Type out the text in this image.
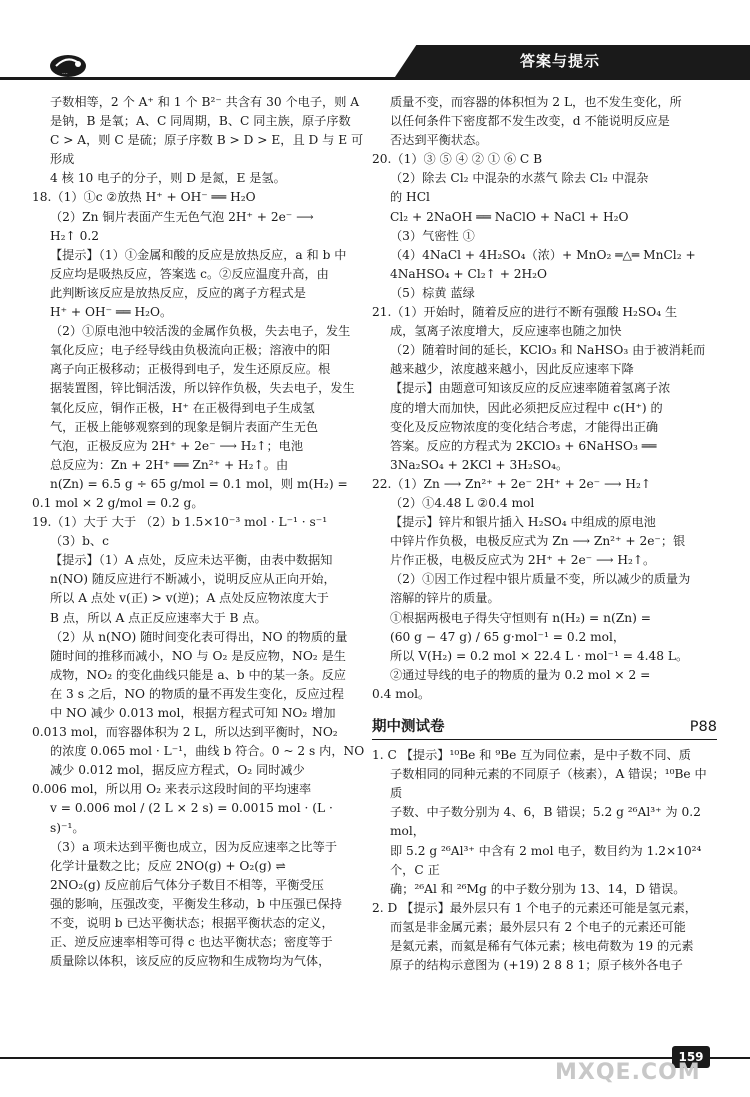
...
答案与提示

子数相等，2 个 A⁺ 和 1 个 B²⁻ 共含有 30 个电子，则 A

是钠，B 是氧；A、C 同周期，B、C 同主族，原子序数

C > A，则 C 是硫；原子序数 B > D > E，且 D 与 E 可形成

4 核 10 电子的分子，则 D 是氮，E 是氢。

18.（1）①c ②放热 H⁺ + OH⁻ ══ H₂O

（2）Zn 铜片表面产生无色气泡 2H⁺ + 2e⁻ ⟶

H₂↑ 0.2

【提示】（1）①金属和酸的反应是放热反应，a 和 b 中

反应均是吸热反应，答案选 c。②反应温度升高，由

此判断该反应是放热反应，反应的离子方程式是

H⁺ + OH⁻ ══ H₂O。

（2）①原电池中较活泼的金属作负极，失去电子，发生

氧化反应；电子经导线由负极流向正极；溶液中的阳

离子向正极移动；正极得到电子，发生还原反应。根

据装置图，锌比铜活泼，所以锌作负极，失去电子，发生

氧化反应，铜作正极，H⁺ 在正极得到电子生成氢

气，正极上能够观察到的现象是铜片表面产生无色

气泡，正极反应为 2H⁺ + 2e⁻ ⟶ H₂↑；电池

总反应为：Zn + 2H⁺ ══ Zn²⁺ + H₂↑。由

n(Zn) = 6.5 g ÷ 65 g/mol = 0.1 mol，则 m(H₂) =

0.1 mol × 2 g/mol = 0.2 g。

19.（1）大于 大于 （2）b 1.5×10⁻³ mol · L⁻¹ · s⁻¹

（3）b、c

【提示】（1）A 点处，反应未达平衡，由表中数据知

n(NO) 随反应进行不断减小，说明反应从正向开始，

所以 A 点处 v(正) > v(逆)；A 点处反应物浓度大于

B 点，所以 A 点正反应速率大于 B 点。

（2）从 n(NO) 随时间变化表可得出，NO 的物质的量

随时间的推移而减小，NO 与 O₂ 是反应物，NO₂ 是生

成物，NO₂ 的变化曲线只能是 a、b 中的某一条。反应

在 3 s 之后，NO 的物质的量不再发生变化，反应过程

中 NO 减少 0.013 mol，根据方程式可知 NO₂ 增加

0.013 mol，而容器体积为 2 L，所以达到平衡时，NO₂

的浓度 0.065 mol · L⁻¹，曲线 b 符合。0 ~ 2 s 内，NO

减少 0.012 mol，据反应方程式，O₂ 同时减少

0.006 mol，所以用 O₂ 来表示这段时间的平均速率

v = 0.006 mol / (2 L × 2 s) = 0.0015 mol · (L · s)⁻¹。

（3）a 项未达到平衡也成立，因为反应速率之比等于

化学计量数之比；反应 2NO(g) + O₂(g) ⇌

2NO₂(g) 反应前后气体分子数目不相等，平衡受压

强的影响，压强改变，平衡发生移动，b 中压强已保持

不变，说明 b 已达平衡状态；根据平衡状态的定义，

正、逆反应速率相等可得 c 也达平衡状态；密度等于

质量除以体积，该反应的反应物和生成物均为气体，

质量不变，而容器的体积恒为 2 L，也不发生变化，所

以任何条件下密度都不发生改变，d 不能说明反应是

否达到平衡状态。

20.（1）③ ⑤ ④ ② ① ⑥ C B

（2）除去 Cl₂ 中混杂的水蒸气 除去 Cl₂ 中混杂

的 HCl

Cl₂ + 2NaOH ══ NaClO + NaCl + H₂O

（3）气密性 ①

（4）4NaCl + 4H₂SO₄（浓）+ MnO₂ ═△═ MnCl₂ +

4NaHSO₄ + Cl₂↑ + 2H₂O

（5）棕黄 蓝绿

21.（1）开始时，随着反应的进行不断有强酸 H₂SO₄ 生

成，氢离子浓度增大，反应速率也随之加快

（2）随着时间的延长，KClO₃ 和 NaHSO₃ 由于被消耗而

越来越少，浓度越来越小，因此反应速率下降

【提示】由题意可知该反应的反应速率随着氢离子浓

度的增大而加快，因此必须把反应过程中 c(H⁺) 的

变化及反应物浓度的变化结合考虑，才能得出正确

答案。反应的方程式为 2KClO₃ + 6NaHSO₃ ══

3Na₂SO₄ + 2KCl + 3H₂SO₄。

22.（1）Zn ⟶ Zn²⁺ + 2e⁻ 2H⁺ + 2e⁻ ⟶ H₂↑

（2）①4.48 L ②0.4 mol

【提示】锌片和银片插入 H₂SO₄ 中组成的原电池

中锌片作负极，电极反应式为 Zn ⟶ Zn²⁺ + 2e⁻；银

片作正极，电极反应式为 2H⁺ + 2e⁻ ⟶ H₂↑。

（2）①因工作过程中银片质量不变，所以减少的质量为

溶解的锌片的质量。

①根据两极电子得失守恒则有 n(H₂) = n(Zn) =

(60 g − 47 g) / 65 g·mol⁻¹ = 0.2 mol，

所以 V(H₂) = 0.2 mol × 22.4 L · mol⁻¹ = 4.48 L。

②通过导线的电子的物质的量为 0.2 mol × 2 =

0.4 mol。

期中测试卷	P88

1. C 【提示】¹⁰Be 和 ⁹Be 互为同位素，是中子数不同、质

子数相同的同种元素的不同原子（核素），A 错误；¹⁰Be 中质

子数、中子数分别为 4、6，B 错误；5.2 g ²⁶Al³⁺ 为 0.2 mol，

即 5.2 g ²⁶Al³⁺ 中含有 2 mol 电子，数目约为 1.2×10²⁴ 个，C 正

确；²⁶Al 和 ²⁶Mg 的中子数分别为 13、14，D 错误。

2. D 【提示】最外层只有 1 个电子的元素还可能是氢元素，

而氢是非金属元素；最外层只有 2 个电子的元素还可能

是氦元素，而氦是稀有气体元素；核电荷数为 19 的元素

原子的结构示意图为 (+19) 2 8 8 1；原子核外各电子

159
MXQE.COM
